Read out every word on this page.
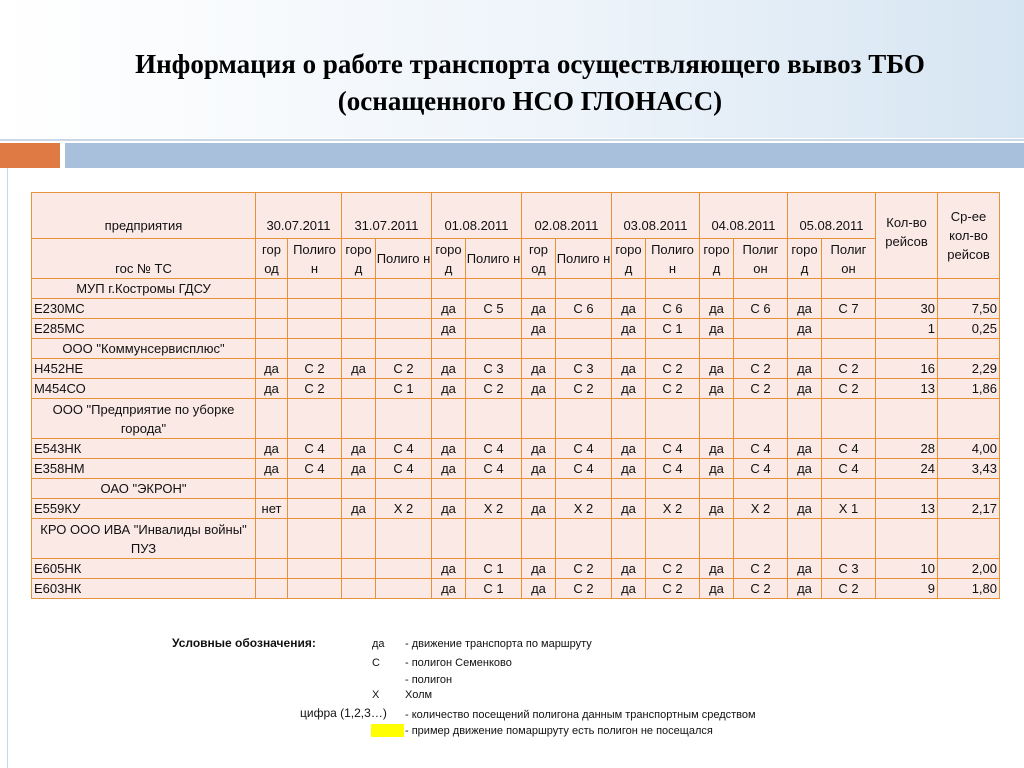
Информация о работе транспорта осуществляющего вывоз ТБО
(оснащенного НСО ГЛОНАСС)
предприятия	30.07.2011		31.07.2011		01.08.2011		02.08.2011		03.08.2011		04.08.2011		05.08.2011		Кол-во рейсов	Ср-ее кол-во рейсов
гос № ТС	гор од	Полиго н	горо д	Полиго н	горо д	Полиго н	гор од	Полиго н	горо д	Полиго н	горо д	Полиг он	горо д	Полиг он		
МУП г.Костромы ГДСУ																
Е230МС					да	С 5	да	С 6	да	С 6	да	С 6	да	С 7	30	7,50
Е285МС					да		да		да	С 1	да		да		1	0,25
ООО "Коммунсервисплюс"																
Н452НЕ	да	С 2	да	С 2	да	С 3	да	С 3	да	С 2	да	С 2	да	С 2	16	2,29
М454СО	да	С 2		С 1	да	С 2	да	С 2	да	С 2	да	С 2	да	С 2	13	1,86
ООО "Предприятие по уборке города"																
Е543НК	да	С 4	да	С 4	да	С 4	да	С 4	да	С 4	да	С 4	да	С 4	28	4,00
Е358НМ	да	С 4	да	С 4	да	С 4	да	С 4	да	С 4	да	С 4	да	С 4	24	3,43
ОАО "ЭКРОН"																
Е559КУ	нет		да	Х 2	да	Х 2	да	Х 2	да	Х 2	да	Х 2	да	Х 1	13	2,17
КРО ООО ИВА "Инвалиды войны" ПУЗ																
Е605НК					да	С 1	да	С 2	да	С 2	да	С 2	да	С 3	10	2,00
Е603НК					да	С 1	да	С 2	да	С 2	да	С 2	да	С 2	9	1,80
Условные обозначения:	да - движение транспорта по маршруту
С - полигон Семенково
- полигон
Х Холм
цифра (1,2,3…) - количество посещений полигона данным транспортным средством
- пример движение помаршруту есть полигон не посещался
